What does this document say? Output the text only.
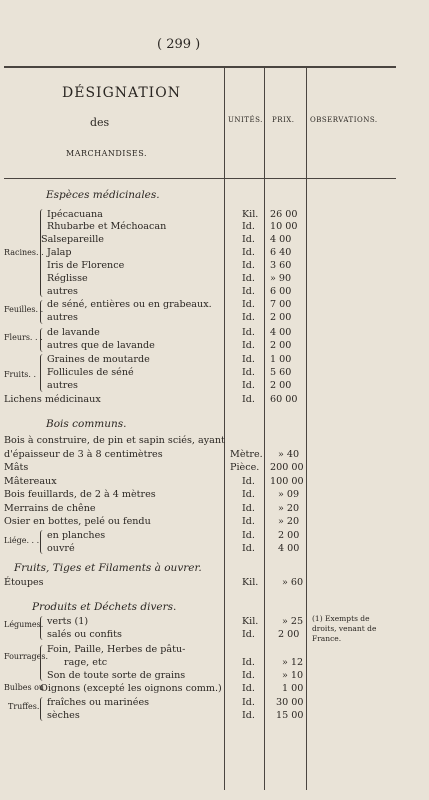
( 299 )
DÉSIGNATION
des
MARCHANDISES.
UNITÉS. PRIX. OBSERVATIONS.
Espèces médicinales.
Racines. .
Feuilles. .
Fleurs. . .
Fruits. .
Ipécacuana	Kil. 26 00
Rhubarbe et Méchoacan	Id. 10 00
Salsepareille	Id. 4 00
Jalap	Id. 6 40
Iris de Florence	Id. 3 60
Réglisse	Id. » 90
autres	Id. 6 00
de séné, entières ou en grabeaux.	Id. 7 00
autres	Id. 2 00
de lavande	Id. 4 00
autres que de lavande	Id. 2 00
Graines de moutarde	Id. 1 00
Follicules de séné	Id. 5 60
autres	Id. 2 00
Lichens médicinaux	Id. 60 00
Bois communs.
Bois à construire, de pin et sapin sciés, ayant
d'épaisseur de 3 à 8 centimètres	Mètre. » 40
Mâts	Pièce. 200 00
Mâtereaux	Id. 100 00
Bois feuillards, de 2 à 4 mètres	Id. » 09
Merrains de chêne	Id. » 20
Osier en bottes, pelé ou fendu	Id. » 20
Liége. . . en planches	Id. 2 00
ouvré	Id. 4 00
Fruits, Tiges et Filaments à ouvrer.
Étoupes	Kil. » 60
Produits et Déchets divers.
Légumes. verts (1)	Kil. » 25
salés ou confits	Id. 2 00
(1) Exempts de droits, venant de France.
Fourrages.
Foin, Paille, Herbes de pâtu-
rage, etc	Id.	» 12
Son de toute sorte de grains	Id.	» 10
Bulbes ou
Oignons (excepté les oignons comm.) Id.	1 00
Truffes. fraîches ou marinées	Id. 30 00
sèches	Id. 15 00
